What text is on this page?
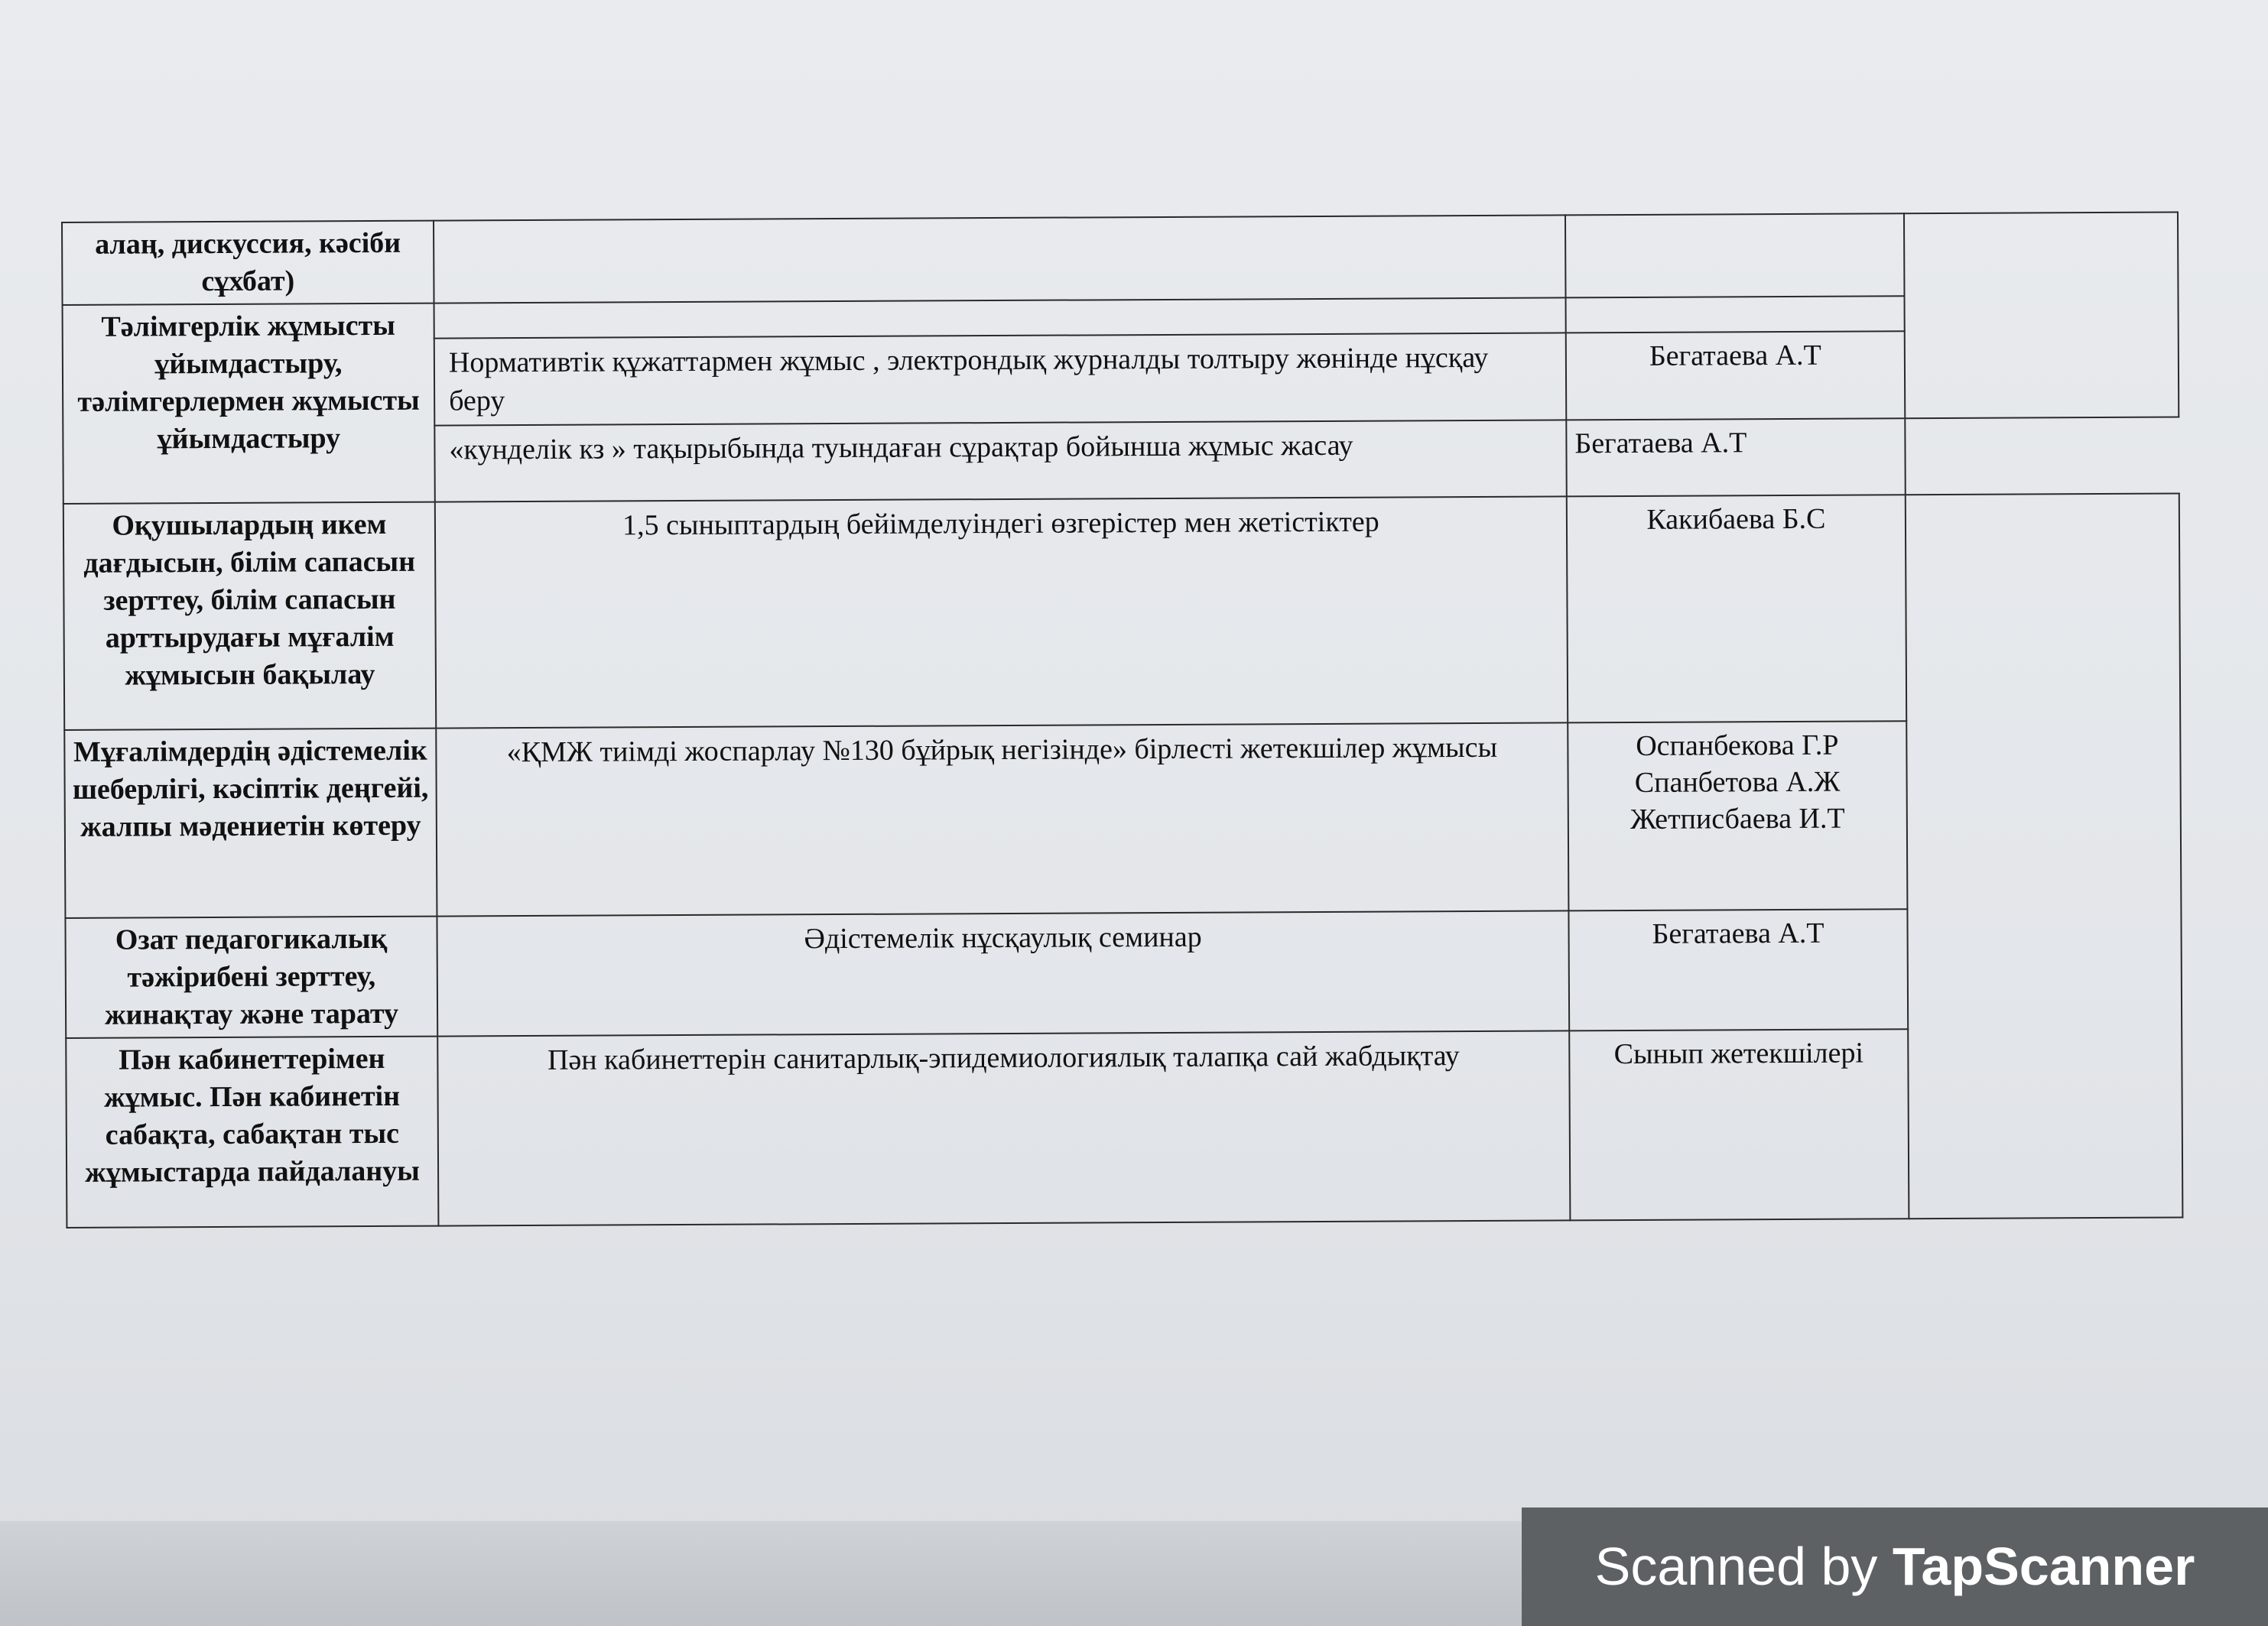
алаң, дискуссия, кәсіби сұхбат)			
Тәлімгерлік жұмысты ұйымдастыру, тәлімгерлермен жұмысты ұйымдастыру			
	Нормативтік құжаттармен жұмыс , электрондық журналды толтыру жөнінде нұсқау беру	Бегатаева А.Т	

	«кунделік кз » тақырыбында туындаған сұрақтар бойынша жұмыс жасау	Бегатаева А.Т	

Оқушылардың икем дағдысын, білім сапасын зерттеу, білім сапасын арттырудағы мұғалім жұмысын бақылау	1,5 сыныптардың бейімделуіндегі өзгерістер мен жетістіктер	Какибаева Б.С	

Мұғалімдердің әдістемелік шеберлігі, кәсіптік деңгейі, жалпы мәдениетін көтеру	«ҚМЖ тиімді жоспарлау №130 бұйрық негізінде» бірлесті жетекшілер жұмысы	Оспанбекова Г.Р
Спанбетова А.Ж
Жетписбаева И.Т	

Озат педагогикалық тәжірибені зерттеу, жинақтау және тарату	Әдістемелік нұсқаулық семинар	Бегатаева А.Т	

Пән кабинеттерімен жұмыс. Пән кабинетін сабақта, сабақтан тыс жұмыстарда пайдалануы	Пән кабинеттерін санитарлық-эпидемиологиялық талапқа сай жабдықтау	Сынып жетекшілері	
Scanned by TapScanner
